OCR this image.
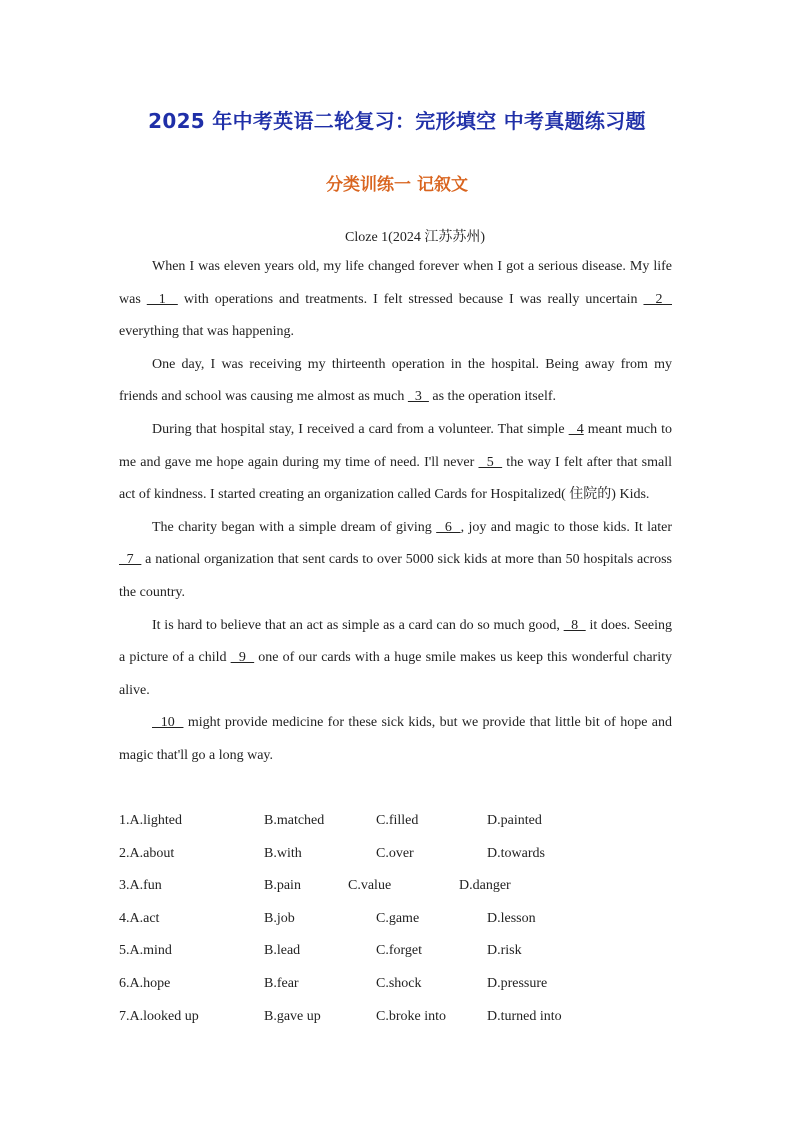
2025 年中考英语二轮复习：完形填空 中考真题练习题
分类训练一 记叙文
Cloze 1(2024 江苏苏州)

When I was eleven years old, my life changed forever when I got a serious disease. My life was   1   with operations and treatments. I felt stressed because I was really uncertain   2   everything that was happening.

One day, I was receiving my thirteenth operation in the hospital. Being away from my friends and school was causing me almost as much   3   as the operation itself.

During that hospital stay, I received a card from a volunteer. That simple   4 meant much to me and gave me hope again during my time of need. I'll never   5   the way I felt after that small act of kindness. I started creating an organization called Cards for Hospitalized( 住院的) Kids.

The charity began with a simple dream of giving   6  , joy and magic to those kids. It later   7   a national organization that sent cards to over 5000 sick kids at more than 50 hospitals across the country.

It is hard to believe that an act as simple as a card can do so much good,   8   it does. Seeing a picture of a child   9   one of our cards with a huge smile makes us keep this wonderful charity alive.

10   might provide medicine for these sick kids, but we provide that little bit of hope and magic that'll go a long way.

1.A.lighted	B.matched	C.filled	D.painted
2.A.about	B.with	C.over	D.towards
3.A.fun	B.pain	C.value	D.danger
4.A.act	B.job	C.game	D.lesson
5.A.mind	B.lead	C.forget	D.risk
6.A.hope	B.fear	C.shock	D.pressure
7.A.looked up	B.gave up	C.broke into	D.turned into
